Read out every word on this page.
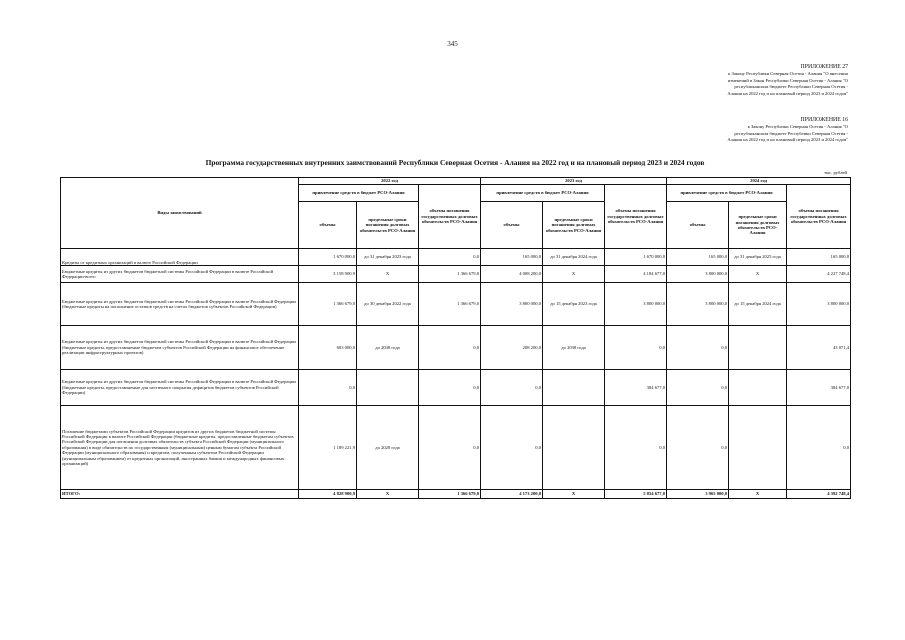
345
ПРИЛОЖЕНИЕ 27
к Закону Республики Северная Осетия - Алания "О внесении
изменений в Закон Республики Северная Осетия - Алания "О
республиканском бюджете Республики Северная Осетия -
Алания на 2022 год и на плановый период 2023 и 2024 годов"
ПРИЛОЖЕНИЕ 16
к Закону Республики Северная Осетия - Алания "О
республиканском бюджете Республики Северная Осетия -
Алания на 2022 год и на плановый период 2023 и 2024 годов"
Программа государственных внутренних заимствований Республики Северная Осетия - Алания на 2022 год и на плановый период 2023 и 2024 годов
тыс. рублей
Виды заимствований	2022 год			2023 год			2024 год		
	привлечение средств в бюджет РСО-Алания		объемы погашения государственных долговых обязательств РСО-Алания	привлечение средств в бюджет РСО-Алания		объемы погашения государственных долговых обязательств РСО-Алания	привлечение средств в бюджет РСО-Алания		объемы погашения государственных долговых обязательств РСО-Алания
	объемы	предельные сроки погашения долговых обязательств РСО-Алания		объемы	предельные сроки погашения долговых обязательств РСО-Алания		объемы	предельные сроки погашения долговых обязательств РСО-Алания	
Кредиты от кредитных организаций в валюте Российской Федерации	1 670 000,0	до 31 декабря 2023 года	0,0	165 000,0	до 31 декабря 2024 года	1 670 000,0	165 000,0	до 31 декабря 2025 года	165 000,0
Бюджетные кредиты из других бюджетов бюджетной системы Российской Федерации в валюте Российской Федерации-всего	3 158 900,9	X	1 366 679,0	4 008 200,0	X	4 184 677,0	3 800 000,0	X	4 227 748,4
Бюджетные кредиты из других бюджетов бюджетной системы Российской Федерации в валюте Российской Федерации (бюджетные кредиты на пополнение остатков средств на счетах бюджетов субъектов Российской Федерации)	1 366 679,0	до 30 декабря 2022 года	1 366 679,0	3 800 000,0	до 15 декабря 2023 года	3 800 000,0	3 800 000,0	до 15 декабря 2024 года	3 800 000,0
Бюджетные кредиты из других бюджетов бюджетной системы Российской Федерации в валюте Российской Федерации (бюджетные кредиты, предоставляемые бюджетам субъектов Российской Федерации на финансовое обеспечение реализации инфраструктурных проектов)	603 000,0	до 2038 года	0,0	208 200,0	до 2038 года	0,0	0,0		43 071,4
Бюджетные кредиты из других бюджетов бюджетной системы Российской Федерации в валюте Российской Федерации (бюджетные кредиты, предоставляемые для частичного покрытия дефицитов бюджетов субъектов Российской Федерации)	0,0		0,0	0,0		384 677,0	0,0		384 677,0
Погашение бюджетами субъектов Российской Федерации кредитов из других бюджетов бюджетной системы Российской Федерации в валюте Российской Федерации (бюджетные кредиты, предоставленные бюджетам субъектов Российской Федерации для погашения долговых обязательств субъекта Российской Федерации (муниципального образования) в виде обязательств по государственным (муниципальным) ценным бумагам субъекта Российской Федерации (муниципального образования) и кредитам, полученным субъектом Российской Федерации (муниципальным образованием) от кредитных организаций, иностранных банков и международных финансовых организаций)	1 189 221,9	до 2028 года	0,0	0,0		0,0	0,0		0,0
ИТОГО:	4 828 900,9	X	1 366 679,0	4 173 200,0	X	5 854 677,0	3 965 000,0	X	4 392 748,4
